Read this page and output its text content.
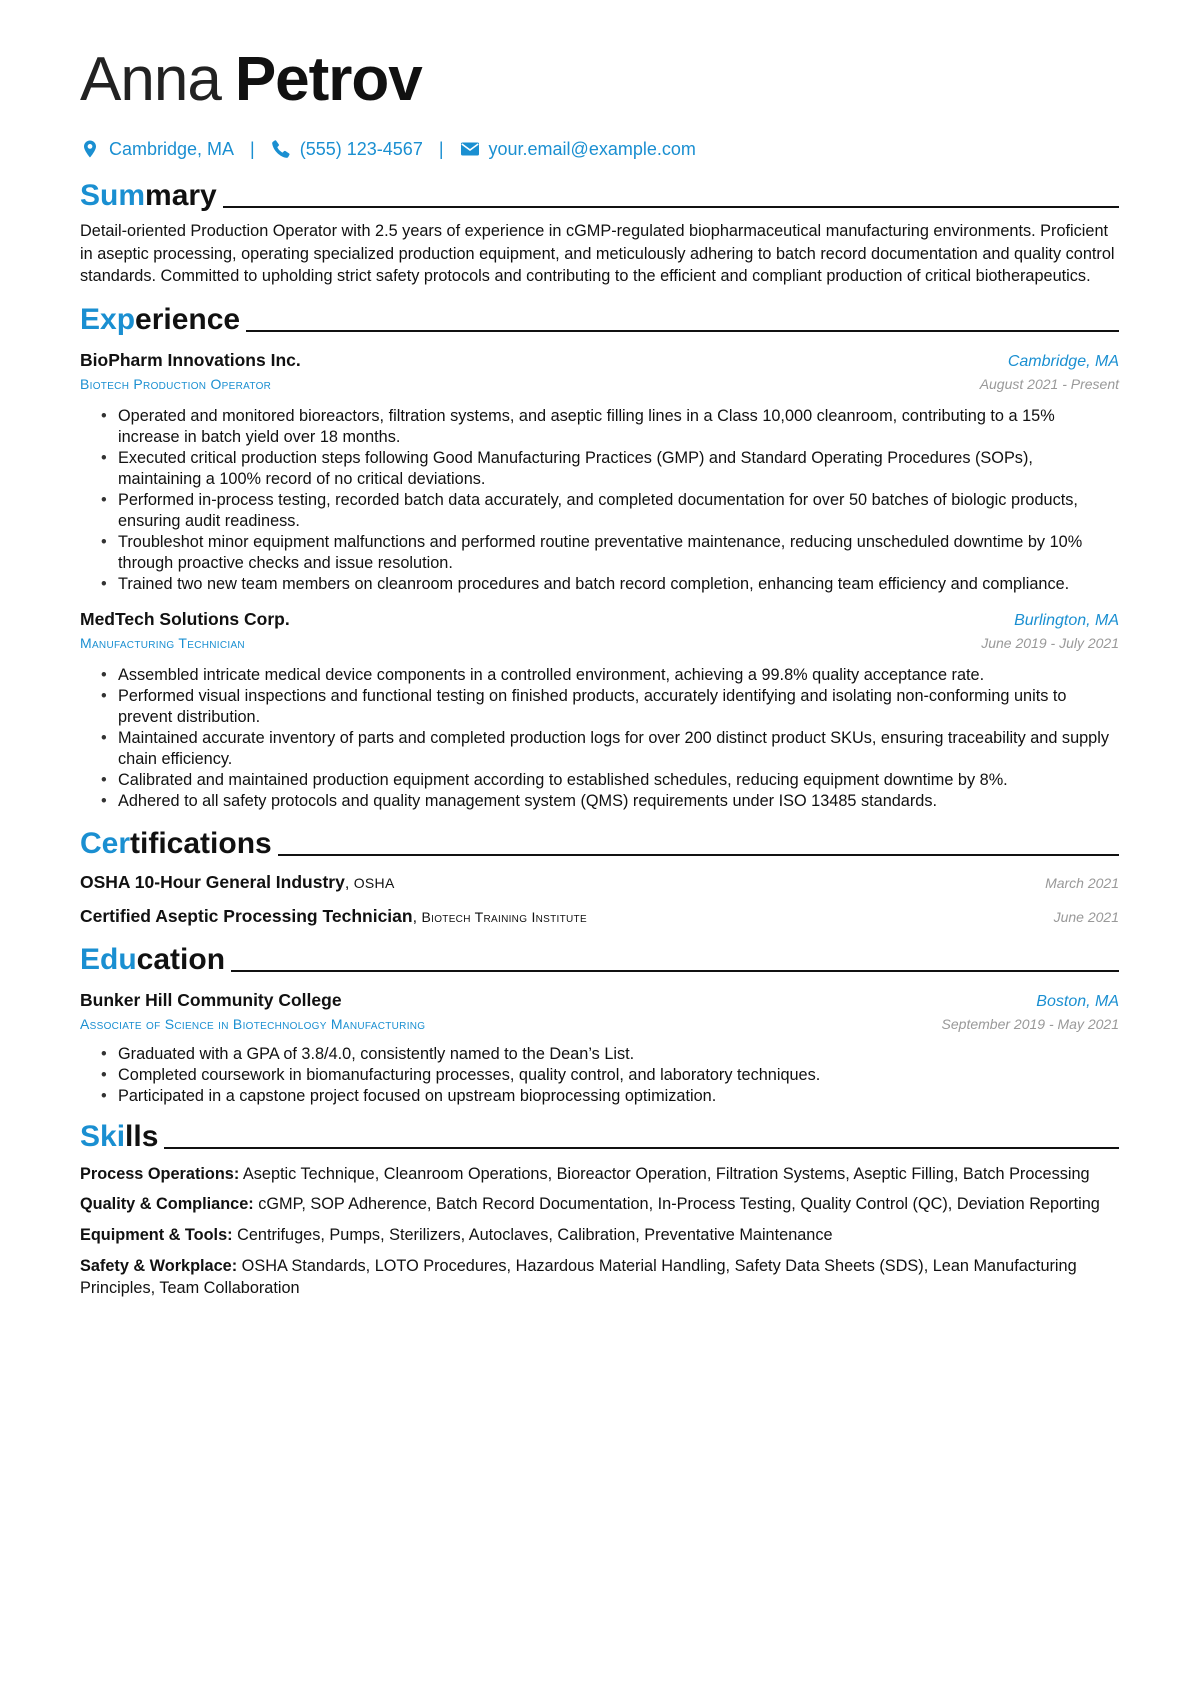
Anna Petrov
Cambridge, MA |	(555) 123-4567 |	your.email@example.com
Summary

Detail-oriented Production Operator with 2.5 years of experience in cGMP-regulated biopharmaceutical manufacturing environments. Proficient in aseptic processing, operating specialized production equipment, and meticulously adhering to batch record documentation and quality control standards. Committed to upholding strict safety protocols and contributing to the efficient and compliant production of critical biotherapeutics.

Experience
BioPharm Innovations Inc.	Cambridge, MA
Biotech Production Operator	August 2021 - Present
• Operated and monitored bioreactors, filtration systems, and aseptic filling lines in a Class 10,000 cleanroom, contributing to a 15% increase in batch yield over 18 months.
• Executed critical production steps following Good Manufacturing Practices (GMP) and Standard Operating Procedures (SOPs), maintaining a 100% record of no critical deviations.
• Performed in-process testing, recorded batch data accurately, and completed documentation for over 50 batches of biologic products, ensuring audit readiness.
• Troubleshot minor equipment malfunctions and performed routine preventative maintenance, reducing unscheduled downtime by 10% through proactive checks and issue resolution.
• Trained two new team members on cleanroom procedures and batch record completion, enhancing team efficiency and compliance.
MedTech Solutions Corp.	Burlington, MA
Manufacturing Technician	June 2019 - July 2021
• Assembled intricate medical device components in a controlled environment, achieving a 99.8% quality acceptance rate.
• Performed visual inspections and functional testing on finished products, accurately identifying and isolating non-conforming units to prevent distribution.
• Maintained accurate inventory of parts and completed production logs for over 200 distinct product SKUs, ensuring traceability and supply chain efficiency.
• Calibrated and maintained production equipment according to established schedules, reducing equipment downtime by 8%.
• Adhered to all safety protocols and quality management system (QMS) requirements under ISO 13485 standards.
Certifications
OSHA 10-Hour General Industry, OSHA	March 2021
Certified Aseptic Processing Technician, Biotech Training Institute	June 2021
Education
Bunker Hill Community College	Boston, MA
Associate of Science in Biotechnology Manufacturing	September 2019 - May 2021
• Graduated with a GPA of 3.8/4.0, consistently named to the Dean’s List.
• Completed coursework in biomanufacturing processes, quality control, and laboratory techniques.
• Participated in a capstone project focused on upstream bioprocessing optimization.
Skills
Process Operations: Aseptic Technique, Cleanroom Operations, Bioreactor Operation, Filtration Systems, Aseptic Filling, Batch Processing
Quality & Compliance: cGMP, SOP Adherence, Batch Record Documentation, In-Process Testing, Quality Control (QC), Deviation Reporting
Equipment & Tools: Centrifuges, Pumps, Sterilizers, Autoclaves, Calibration, Preventative Maintenance
Safety & Workplace: OSHA Standards, LOTO Procedures, Hazardous Material Handling, Safety Data Sheets (SDS), Lean Manufacturing Principles, Team Collaboration
